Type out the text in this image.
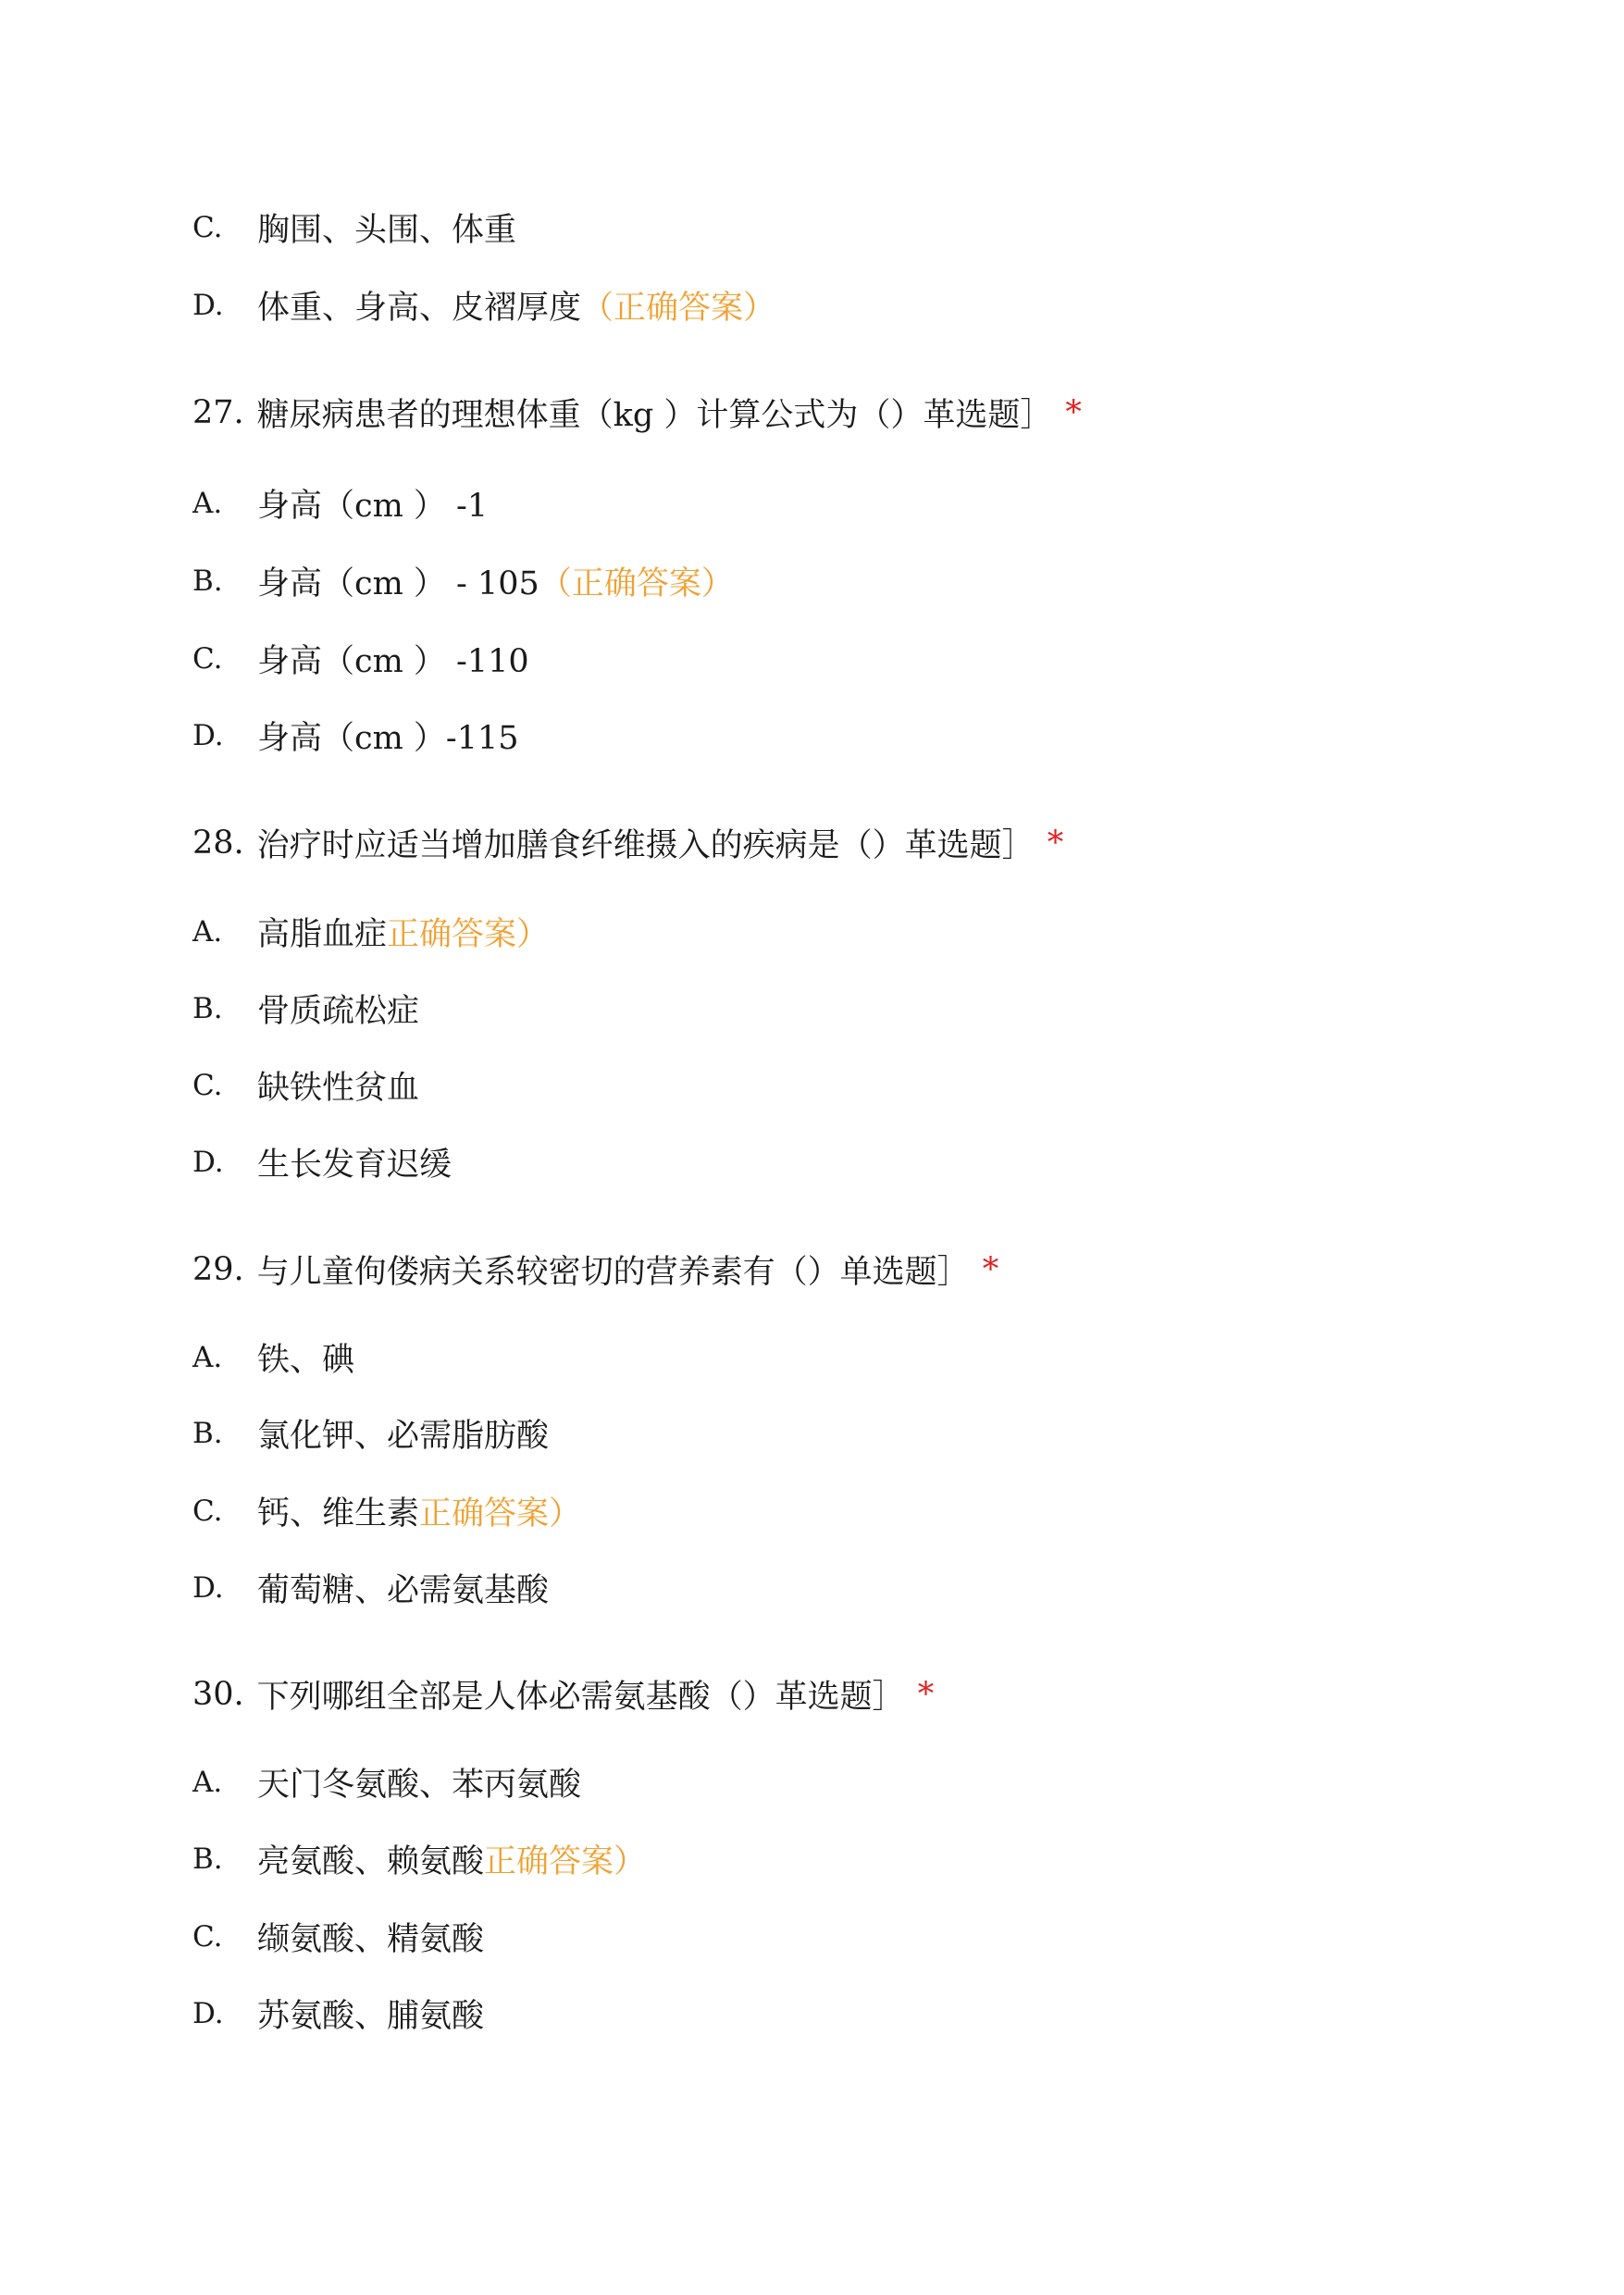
C.	胸围、头围、体重
D.	体重、身高、皮褶厚度 （正确答案）
27. 糖尿病患者的理想体重（kg ）计算公式为（）革选题］ *
A.	身高（cm ） -1
B.	身高（cm ） - 105 （正确答案）
C.	身高（cm ） -110
D.	身高（cm ）-115
28. 治疗时应适当增加膳食纤维摄入的疾病是（）革选题］ *
A.	高脂血症 正确答案）
B.	骨质疏松症
C.	缺铁性贫血
D.	生长发育迟缓
29. 与儿童佝偻病关系较密切的营养素有（）单选题］ *
A.	铁、碘
B.	氯化钾、必需脂肪酸
C.	钙、维生素 正确答案）
D.	葡萄糖、必需氨基酸
30. 下列哪组全部是人体必需氨基酸（）革选题］ *
A.	天门冬氨酸、苯丙氨酸
B.	亮氨酸、赖氨酸 正确答案）
C.	缬氨酸、精氨酸
D.	苏氨酸、脯氨酸
